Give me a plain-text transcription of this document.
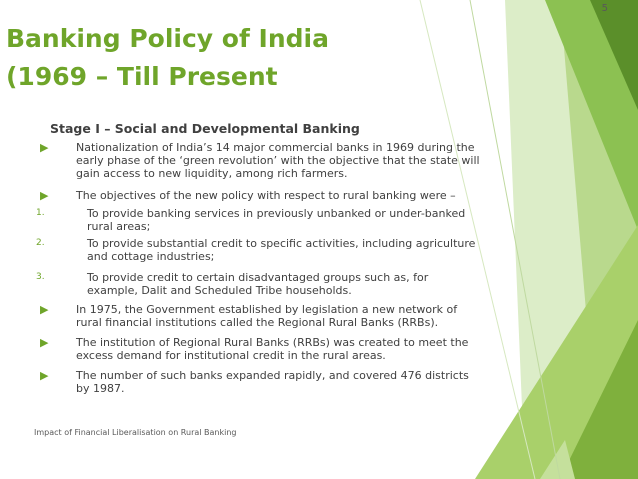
5
Banking Policy of India
(1969 – Till Present

Stage I – Social and Developmental Banking

▶	Nationalization of India’s 14 major commercial banks in 1969 during the early phase of the ‘green revolution’ with the objective that the state will gain access to new liquidity, among rich farmers.
▶	The objectives of the new policy with respect to rural banking were –
1.	To provide banking services in previously unbanked or under-banked rural areas;
2.	To provide substantial credit to specific activities, including agriculture and cottage industries;
3.	To provide credit to certain disadvantaged groups such as, for example, Dalit and Scheduled Tribe households.
▶	In 1975, the Government established by legislation a new network of rural financial institutions called the Regional Rural Banks (RRBs).
▶	The institution of Regional Rural Banks (RRBs) was created to meet the excess demand for institutional credit in the rural areas.
▶	The number of such banks expanded rapidly, and covered 476 districts by 1987.

Impact of Financial Liberalisation on Rural Banking
